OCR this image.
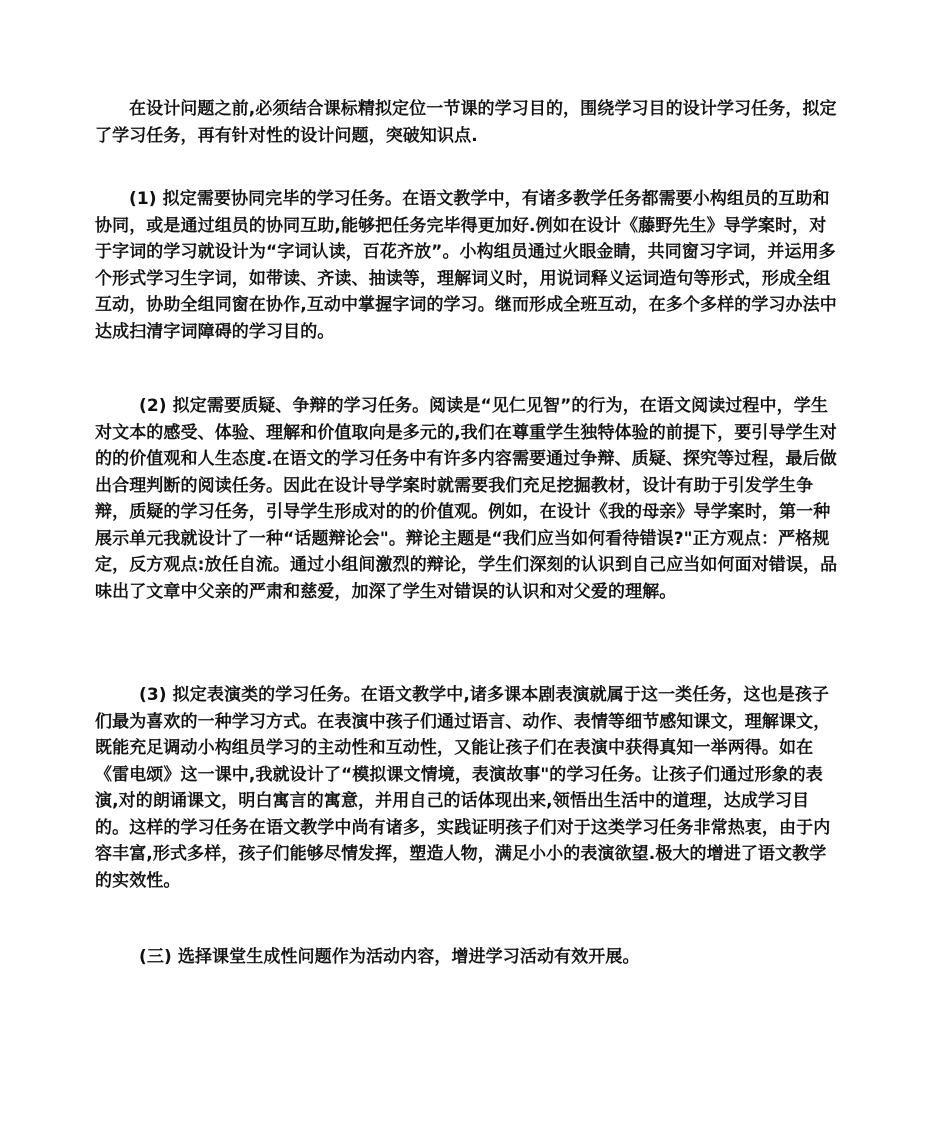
在设计问题之前,必须结合课标精拟定位一节课的学习目的，围绕学习目的设计学习任务，拟定了学习任务，再有针对性的设计问题，突破知识点.

(1) 拟定需要协同完毕的学习任务。在语文教学中，有诸多教学任务都需要小构组员的互助和协同，或是通过组员的协同互助,能够把任务完毕得更加好.例如在设计《藤野先生》导学案时，对于字词的学习就设计为“字词认读，百花齐放”。小构组员通过火眼金睛，共同窗习字词，并运用多个形式学习生字词，如带读、齐读、抽读等，理解词义时，用说词释义运词造句等形式，形成全组互动，协助全组同窗在协作,互动中掌握字词的学习。继而形成全班互动，在多个多样的学习办法中达成扫清字词障碍的学习目的。

(2) 拟定需要质疑、争辩的学习任务。阅读是“见仁见智”的行为，在语文阅读过程中，学生对文本的感受、体验、理解和价值取向是多元的,我们在尊重学生独特体验的前提下，要引导学生对的的价值观和人生态度.在语文的学习任务中有许多内容需要通过争辩、质疑、探究等过程，最后做出合理判断的阅读任务。因此在设计导学案时就需要我们充足挖掘教材，设计有助于引发学生争辩，质疑的学习任务，引导学生形成对的的价值观。例如，在设计《我的母亲》导学案时，第一种展示单元我就设计了一种“话题辩论会"。辩论主题是“我们应当如何看待错误?"正方观点：严格规定，反方观点:放任自流。通过小组间激烈的辩论，学生们深刻的认识到自己应当如何面对错误，品味出了文章中父亲的严肃和慈爱，加深了学生对错误的认识和对父爱的理解。

(3) 拟定表演类的学习任务。在语文教学中,诸多课本剧表演就属于这一类任务，这也是孩子们最为喜欢的一种学习方式。在表演中孩子们通过语言、动作、表情等细节感知课文，理解课文，既能充足调动小构组员学习的主动性和互动性，又能让孩子们在表演中获得真知一举两得。如在《雷电颂》这一课中,我就设计了“模拟课文情境，表演故事"的学习任务。让孩子们通过形象的表演,对的朗诵课文，明白寓言的寓意，并用自己的话体现出来,领悟出生活中的道理，达成学习目的。这样的学习任务在语文教学中尚有诸多，实践证明孩子们对于这类学习任务非常热衷，由于内容丰富,形式多样，孩子们能够尽情发挥，塑造人物，满足小小的表演欲望.极大的增进了语文教学的实效性。

(三) 选择课堂生成性问题作为活动内容，增进学习活动有效开展。
